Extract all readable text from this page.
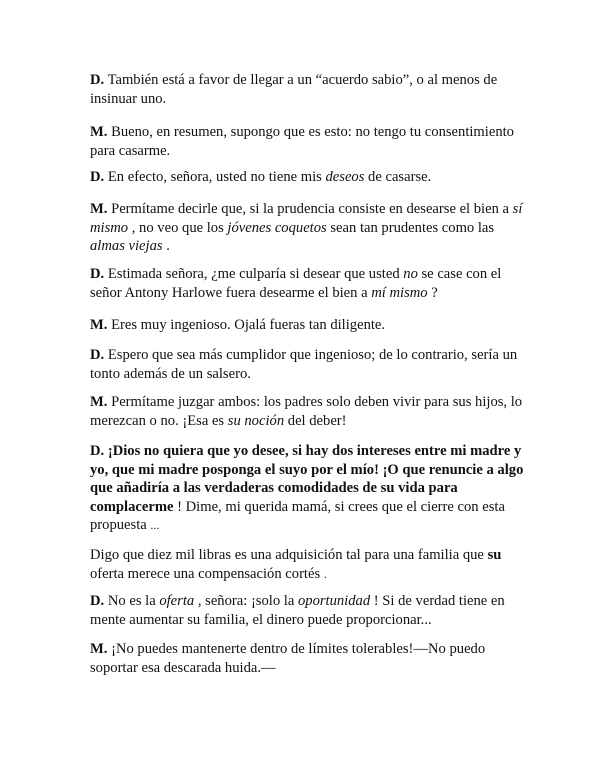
D. También está a favor de llegar a un “acuerdo sabio”, o al menos de insinuar uno.

M. Bueno, en resumen, supongo que es esto: no tengo tu consentimiento para casarme.

D. En efecto, señora, usted no tiene mis deseos de casarse.

M. Permítame decirle que, si la prudencia consiste en desearse el bien a sí mismo , no veo que los jóvenes coquetos sean tan prudentes como las almas viejas .

D. Estimada señora, ¿me culparía si desear que usted no se case con el señor Antony Harlowe fuera desearme el bien a mí mismo ?

M. Eres muy ingenioso. Ojalá fueras tan diligente.

D. Espero que sea más cumplidor que ingenioso; de lo contrario, sería un tonto además de un salsero.

M. Permítame juzgar ambos: los padres solo deben vivir para sus hijos, lo merezcan o no. ¡Esa es su noción del deber!

D. ¡Dios no quiera que yo desee, si hay dos intereses entre mi madre y yo, que mi madre posponga el suyo por el mío! ¡O que renuncie a algo que añadiría a las verdaderas comodidades de su vida para complacerme ! Dime, mi querida mamá, si crees que el cierre con esta propuesta ...

Digo que diez mil libras es una adquisición tal para una familia que su oferta merece una compensación cortés .

D. No es la oferta , señora: ¡solo la oportunidad ! Si de verdad tiene en mente aumentar su familia, el dinero puede proporcionar...

M. ¡No puedes mantenerte dentro de límites tolerables!—No puedo soportar esa descarada huida.—
